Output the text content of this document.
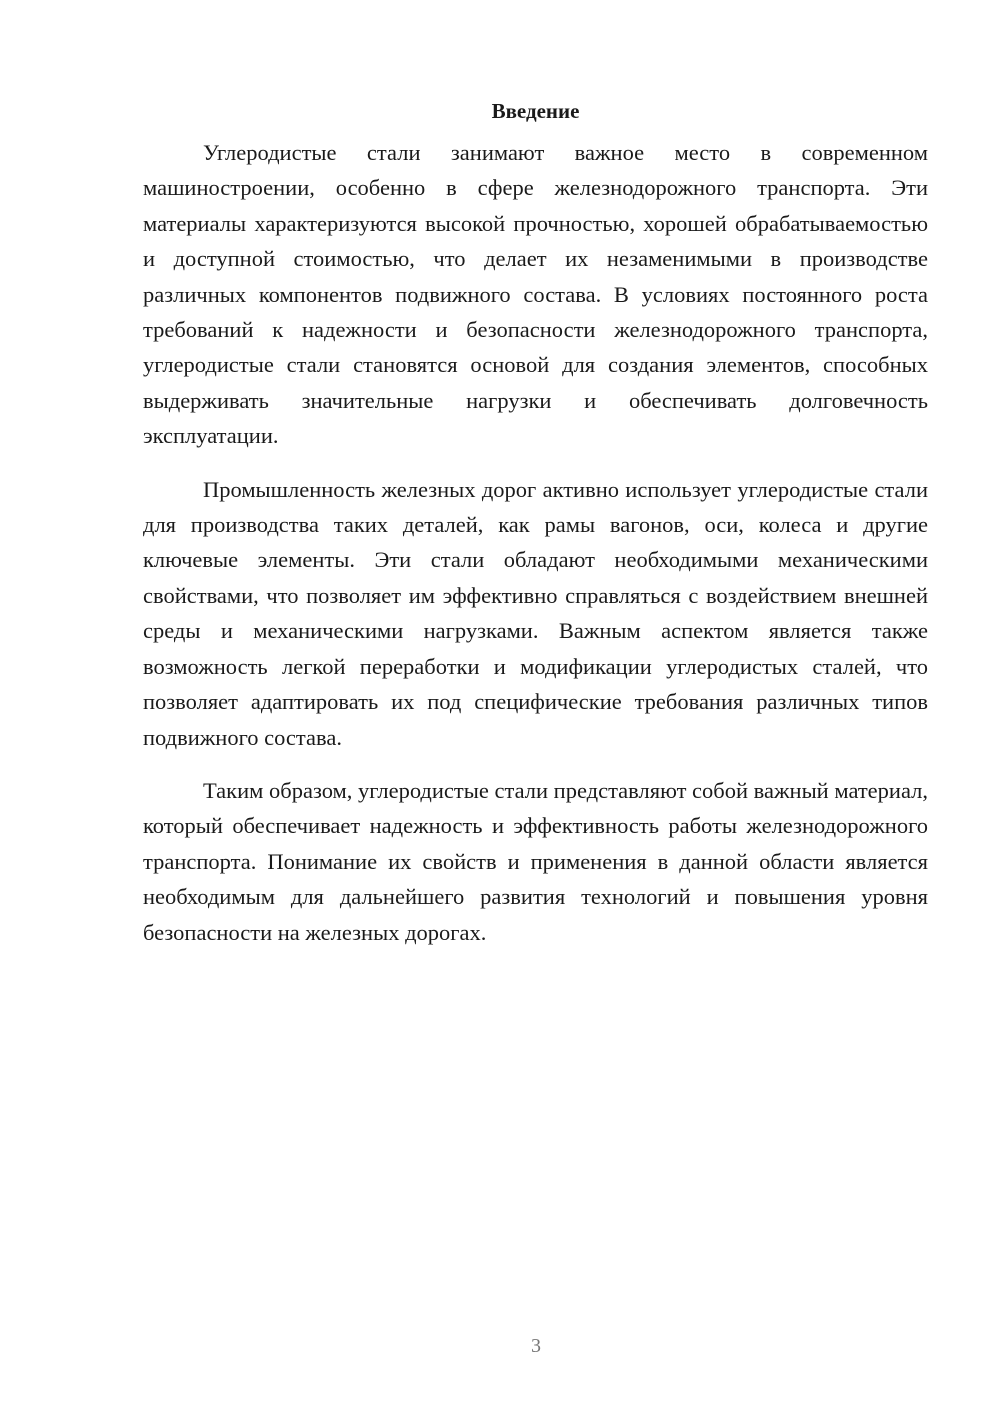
Введение

Углеродистые стали занимают важное место в современном машиностроении, особенно в сфере железнодорожного транспорта. Эти материалы характеризуются высокой прочностью, хорошей обрабатываемостью и доступной стоимостью, что делает их незаменимыми в производстве различных компонентов подвижного состава. В условиях постоянного роста требований к надежности и безопасности железнодорожного транспорта, углеродистые стали становятся основой для создания элементов, способных выдерживать значительные нагрузки и обеспечивать долговечность эксплуатации.

Промышленность железных дорог активно использует углеродистые стали для производства таких деталей, как рамы вагонов, оси, колеса и другие ключевые элементы. Эти стали обладают необходимыми механическими свойствами, что позволяет им эффективно справляться с воздействием внешней среды и механическими нагрузками. Важным аспектом является также возможность легкой переработки и модификации углеродистых сталей, что позволяет адаптировать их под специфические требования различных типов подвижного состава.

Таким образом, углеродистые стали представляют собой важный материал, который обеспечивает надежность и эффективность работы железнодорожного транспорта. Понимание их свойств и применения в данной области является необходимым для дальнейшего развития технологий и повышения уровня безопасности на железных дорогах.

3
